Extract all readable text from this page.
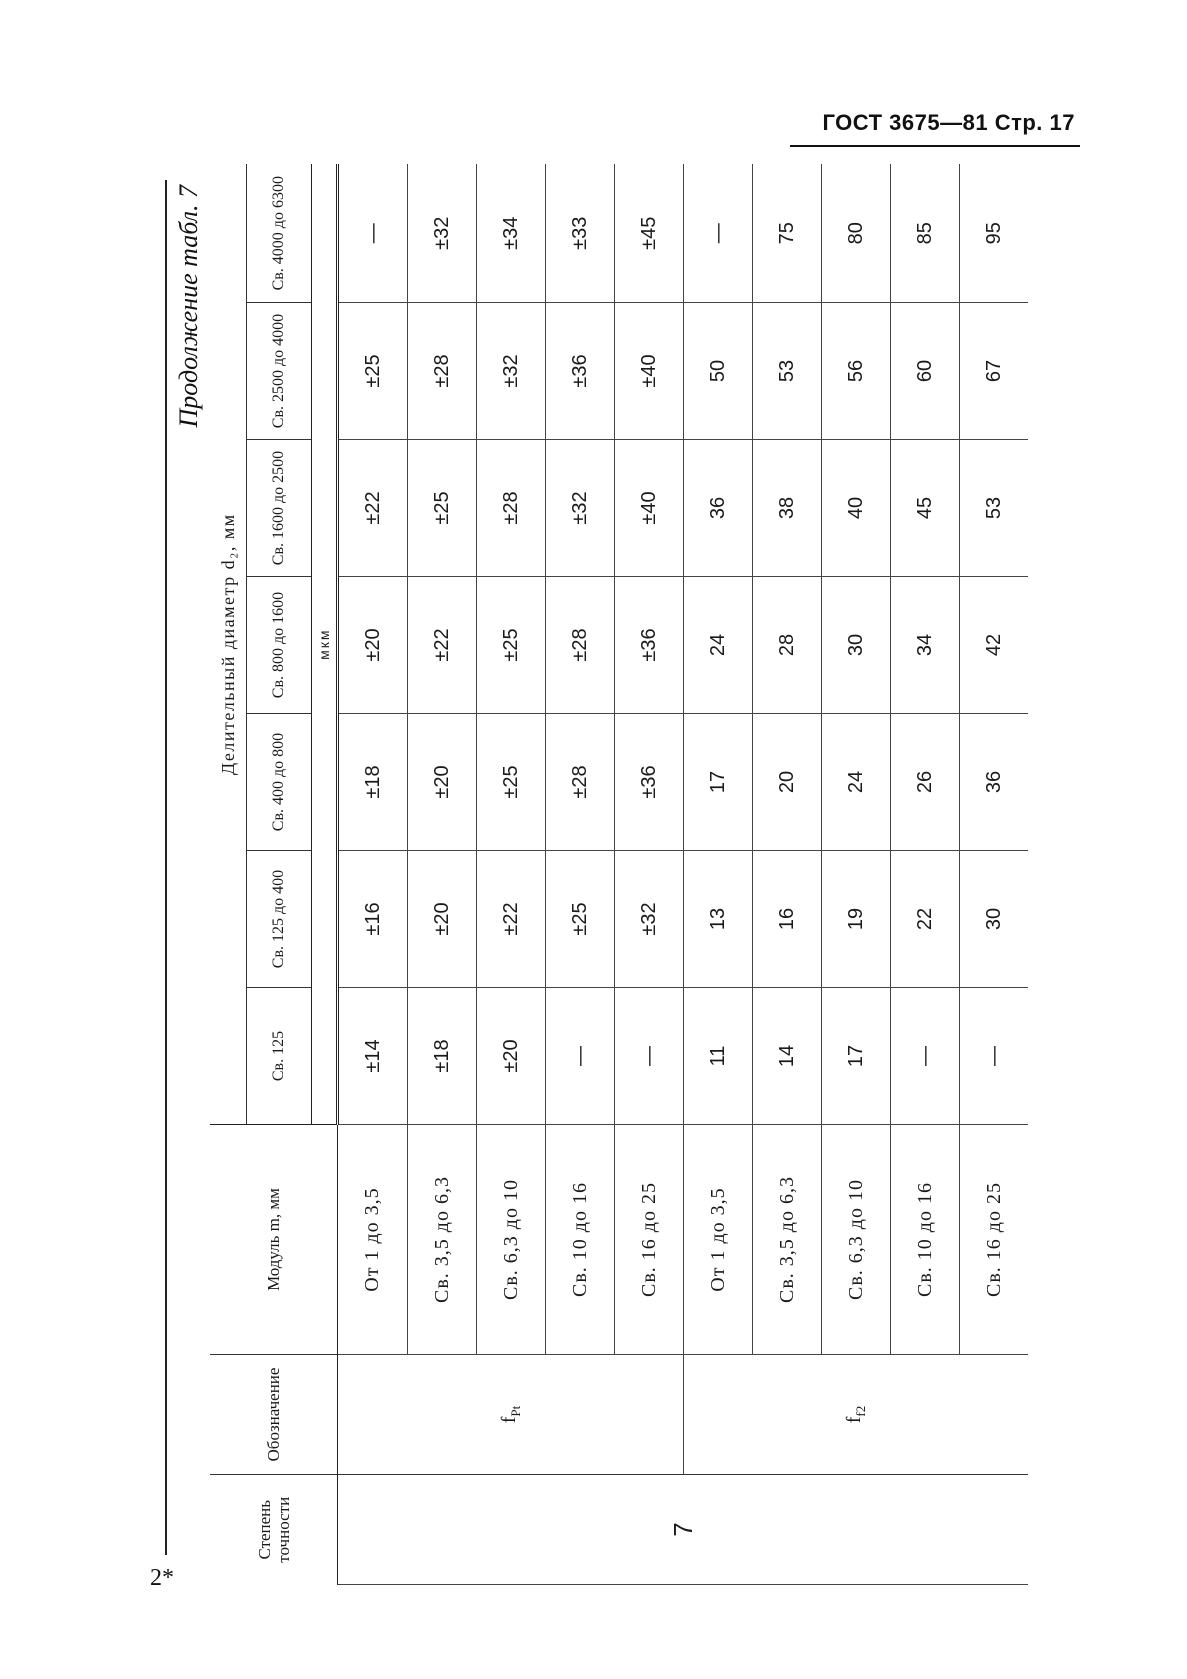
ГОСТ 3675—81 Стр. 17
2*
Продолжение табл. 7
Степень точности	Обозначение	Модуль m, мм	Делительный диаметр d₂, мм						
			Св. 125	Св. 125 до 400	Св. 400 до 800	Св. 800 до 1600	Св. 1600 до 2500	Св. 2500 до 4000	Св. 4000 до 6300
			мкм						
7	$f_{Pt}$	От 1 до 3,5	±14	±16	±18	±20	±22	±25	—
		Св. 3,5 до 6,3	±18	±20	±20	±22	±25	±28	±32
		Св. 6,3 до 10	±20	±22	±25	±25	±28	±32	±34
		Св. 10 до 16	—	±25	±28	±28	±32	±36	±33
		Св. 16 до 25	—	±32	±36	±36	±40	±40	±45
	$f_{f2}$	От 1 до 3,5	11	13	17	24	36	50	—
		Св. 3,5 до 6,3	14	16	20	28	38	53	75
		Св. 6,3 до 10	17	19	24	30	40	56	80
		Св. 10 до 16	—	22	26	34	45	60	85
		Св. 16 до 25	—	30	36	42	53	67	95
